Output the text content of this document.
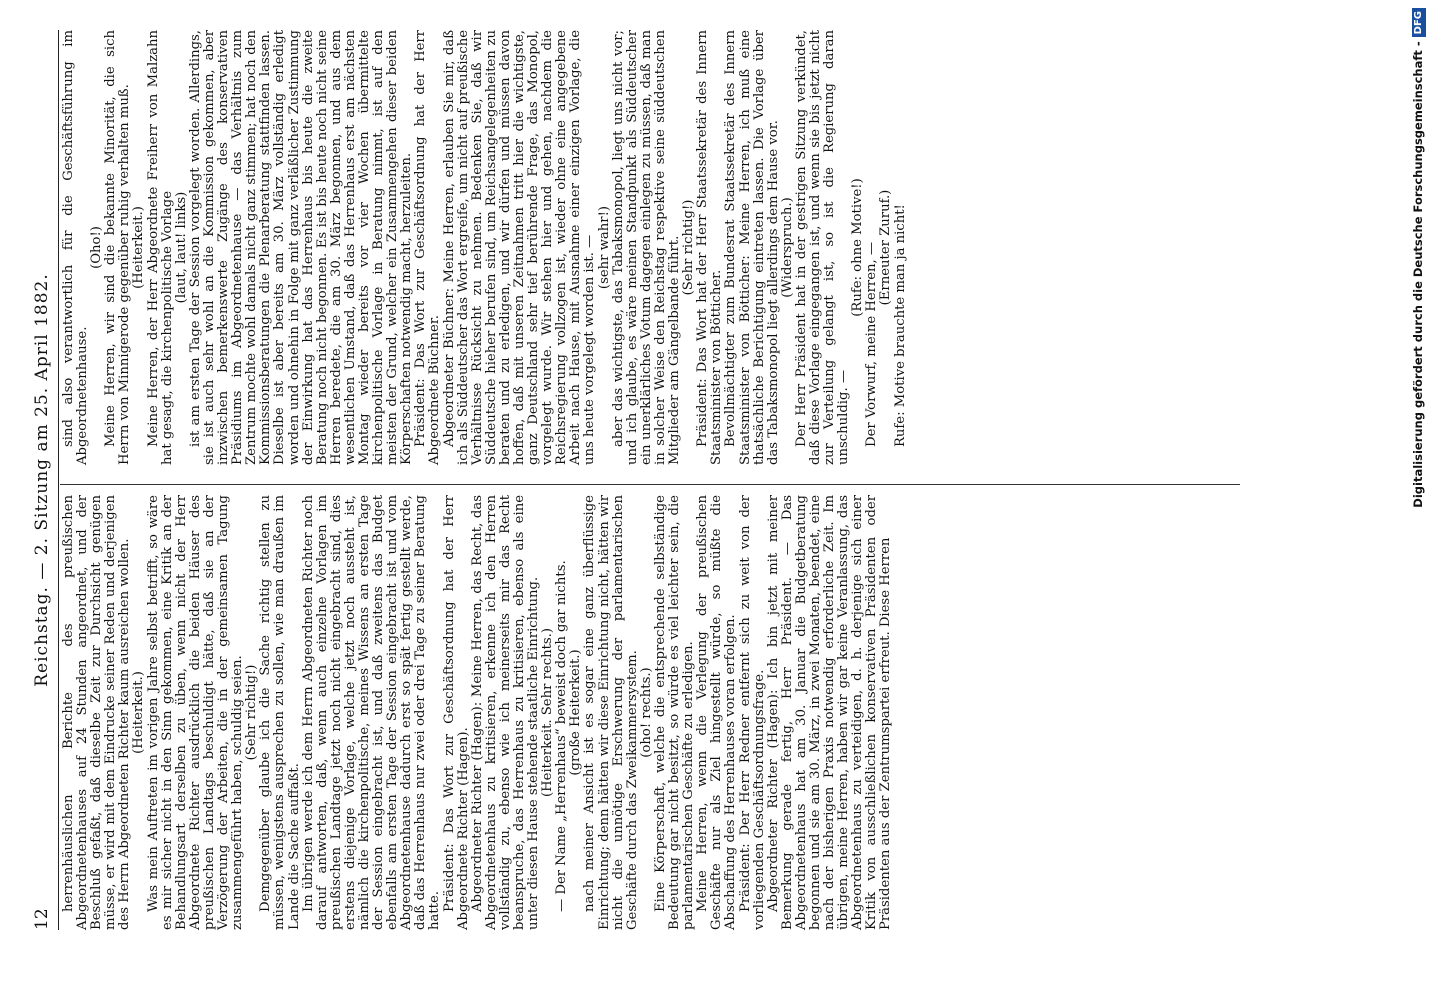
12
Reichstag. — 2. Sitzung am 25. April 1882.

herrenhäuslichen Berichte des preußischen Abgeordnetenhauses auf 24 Stunden angeordnet, und der Beschluß gefaßt, daß dieselbe Zeit zur Durchsicht genügen müsse, er wird mit dem Eindrucke seiner Reden und derjenigen des Herrn Abgeordneten Richter kaum ausreichen wollen. (Heiterkeit.) Was mein Auftreten im vorigen Jahre selbst betrifft, so wäre es mir sicher nicht in den Sinn gekommen, eine Kritik an der Behandlungsart derselben zu üben, wenn nicht der Herr Abgeordnete Richter ausdrücklich die beiden Häuser des preußischen Landtags beschuldigt hätte, daß sie an der Verzögerung der Arbeiten, die in der gemeinsamen Tagung zusammengeführt haben, schuldig seien. (Sehr richtig!) Demgegenüber glaube ich die Sache richtig stellen zu müssen, wenigstens ausprechen zu sollen, wie man draußen im Lande die Sache auffaßt. Im übrigen werde ich dem Herrn Abgeordneten Richter noch darauf antworten, daß, wenn auch einzelne Vorlagen im preußischen Landtage jetzt noch nicht eingebracht sind, dies erstens diejenige Vorlage, welche jetzt noch aussteht ist, nämlich die kirchenpolitische, meines Wissens an ersten Tage der Session eingebracht ist, und daß zweitens das Budget ebenfalls am ersten Tage der Session eingebracht ist und vom Abgeordnetenhause dadurch erst so spät fertig gestellt werde, daß das Herrenhaus nur zwei oder drei Tage zu seiner Beratung hatte. Präsident: Das Wort zur Geschäftsordnung hat der Herr Abgeordnete Richter (Hagen). Abgeordneter Richter (Hagen): Meine Herren, das Recht, das Abgeordnetenhaus zu kritisieren, erkenne ich den Herren vollständig zu, ebenso wie ich meinerseits mir das Recht beanspruche, das Herrenhaus zu kritisieren, ebenso als eine unter diesen Hause stehende staatliche Einrichtung. (Heiterkeit. Sehr rechts.) — Der Name „Herrenhaus“ beweist doch gar nichts. (große Heiterkeit.) nach meiner Ansicht ist es sogar eine ganz überflüssige Einrichtung; denn hätten wir diese Einrichtung nicht, hätten wir nicht die unnötige Erschwerung der parlamentarischen Geschäfte durch das Zweikammersystem. (oho! rechts.) Eine Körperschaft, welche die entsprechende selbständige Bedeutung gar nicht besitzt, so würde es viel leichter sein, die parlamentarischen Geschäfte zu erledigen. Meine Herren, wenn die Verlegung der preußischen Geschäfte nur als Ziel hingestellt würde, so müßte die Abschaffung des Herrenhauses voran erfolgen. Präsident: Der Herr Redner entfernt sich zu weit von der vorliegenden Geschäftsordnungsfrage. Abgeordneter Richter (Hagen): Ich bin jetzt mit meiner Bemerkung gerade fertig, Herr Präsident. — Das Abgeordnetenhaus hat am 30. Januar die Budgetberatung begonnen und sie am 30. März, in zwei Monaten, beendet, eine nach der bisherigen Praxis notwendig erforderliche Zeit. Im übrigen, meine Herren, haben wir gar keine Veranlassung, das Abgeordnetenhaus zu verteidigen, d. h. derjenige sich einer Kritik von ausschließlichen konservativen Präsidenten oder Präsidenten aus der Zentrumspartei erfreut. Diese Herren

sind also verantwortlich für die Geschäftsführung im Abgeordnetenhause.

(Oho!) Meine Herren, wir sind die bekannte Minorität, die sich Herrn von Minnigerode gegenüber ruhig verhalten muß. (Heiterkeit.) Meine Herren, der Herr Abgeordnete Freiherr von Malzahn hat gesagt, die kirchenpolitische Vorlage (laut, laut! links) ist am ersten Tage der Session vorgelegt worden. Allerdings, sie ist auch sehr wohl an die Kommission gekommen, aber inzwischen bemerkenswerte Zugänge des konservativen Präsidiums im Abgeordnetenhause — das Verhältnis zum Zentrum mochte wohl damals nicht ganz stimmen; hat noch den Kommissionsberatungen die Plenarberatung stattfinden lassen. Dieselbe ist aber bereits am 30. März vollständig erledigt worden und ohnehin in Folge mit ganz verläßlicher Zustimmung der Einwirkung hat das Herrenhaus bis heute die zweite Beratung noch nicht begonnen. Es ist bis heute noch nicht seine Herren beredete, die am 30. März begonnen, und aus dem wesentlichen Umstand, daß das Herrenhaus erst am nächsten Montag wieder bereits vor vier Wochen übermittelte kirchenpolitische Vorlage in Beratung nimmt, ist auf den meisten der Grund, welcher ein Zusammengehen dieser beiden Körperschaften notwendig macht, herzuleiten. Präsident: Das Wort zur Geschäftsordnung hat der Herr Abgeordnete Büchner. Abgeordneter Büchner: Meine Herren, erlauben Sie mir, daß ich als Süddeutscher das Wort ergreife, um nicht auf preußische Verhältnisse Rücksicht zu nehmen. Bedenken Sie, daß wir Süddeutsche hieher berufen sind, um Reichsangelegenheiten zu beraten und zu erledigen, und wir dürfen und müssen davon hoffen, daß mit unseren Zeitnahmen tritt hier die wichtigste, ganz Deutschland sehr tief berührende Frage, das Monopol, vorgelegt wurde. Wir stehen hier und gehen, nachdem die Reichsregierung vollzogen ist, wieder ohne eine angegebene Arbeit nach Hause, mit Ausnahme einer einzigen Vorlage, die uns heute vorgelegt worden ist. — (sehr wahr!) aber das wichtigste, das Tabaksmonopol, liegt uns nicht vor; und ich glaube, es wäre meinen Standpunkt als Süddeutscher ein unerklärliches Votum dagegen einlegen zu müssen, daß man in solcher Weise den Reichstag respektive seine süddeutschen Mitglieder am Gängelbande führt. (Sehr richtig!) Präsident: Das Wort hat der Herr Staatssekretär des Innern Staatsminister von Bötticher. Bevollmächtigter zum Bundesrat Staatssekretär des Innern Staatsminister von Bötticher: Meine Herren, ich muß eine thatsächliche Berichtigung eintreten lassen. Die Vorlage über das Tabaksmonopol liegt allerdings dem Hause vor. (Widerspruch.) Der Herr Präsident hat in der gestrigen Sitzung verkündet, daß diese Vorlage eingegangen ist, und wenn sie bis jetzt nicht zur Verteilung gelangt ist, so ist die Regierung daran unschuldig. —

(Rufe: ohne Motive!) Der Vorwurf, meine Herren, — (Erneuter Zuruf.) Rufe: Motive brauchte man ja nicht!	Digitalisierung gefördert durch die Deutsche Forschungsgemeinschaft -DFG
